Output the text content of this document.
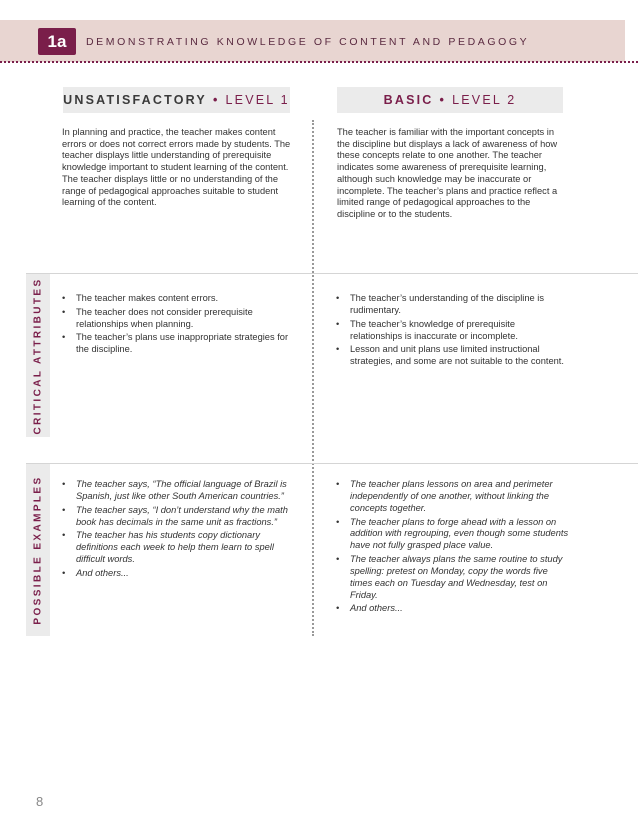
1a	DEMONSTRATING KNOWLEDGE OF CONTENT AND PEDAGOGY
UNSATISFACTORY • LEVEL 1	BASIC • LEVEL 2
In planning and practice, the teacher makes content errors or does not correct errors made by students. The teacher displays little understanding of prerequisite knowledge important to student learning of the content. The teacher displays little or no understanding of the range of pedagogical approaches suitable to student learning of the content.
The teacher is familiar with the important concepts in the discipline but displays a lack of awareness of how these concepts relate to one another. The teacher indicates some awareness of prerequisite learning, although such knowledge may be inaccurate or incomplete. The teacher’s plans and practice reflect a limited range of pedagogical approaches to the discipline or to the students.
CRITICAL ATTRIBUTES
POSSIBLE EXAMPLES
• The teacher makes content errors.
• The teacher does not consider prerequisite relationships when planning.
• The teacher’s plans use inappropriate strategies for the discipline.
• The teacher’s understanding of the discipline is rudimentary.
• The teacher’s knowledge of prerequisite relationships is inaccurate or incomplete.
• Lesson and unit plans use limited instructional strategies, and some are not suitable to the content.
• The teacher says, “The official language of Brazil is Spanish, just like other South American countries.”
• The teacher says, “I don’t understand why the math book has decimals in the same unit as fractions.”
• The teacher has his students copy dictionary definitions each week to help them learn to spell difficult words.
• And others...
• The teacher plans lessons on area and perimeter independently of one another, without linking the concepts together.
• The teacher plans to forge ahead with a lesson on addition with regrouping, even though some students have not fully grasped place value.
• The teacher always plans the same routine to study spelling: pretest on Monday, copy the words five times each on Tuesday and Wednesday, test on Friday.
• And others...
8
